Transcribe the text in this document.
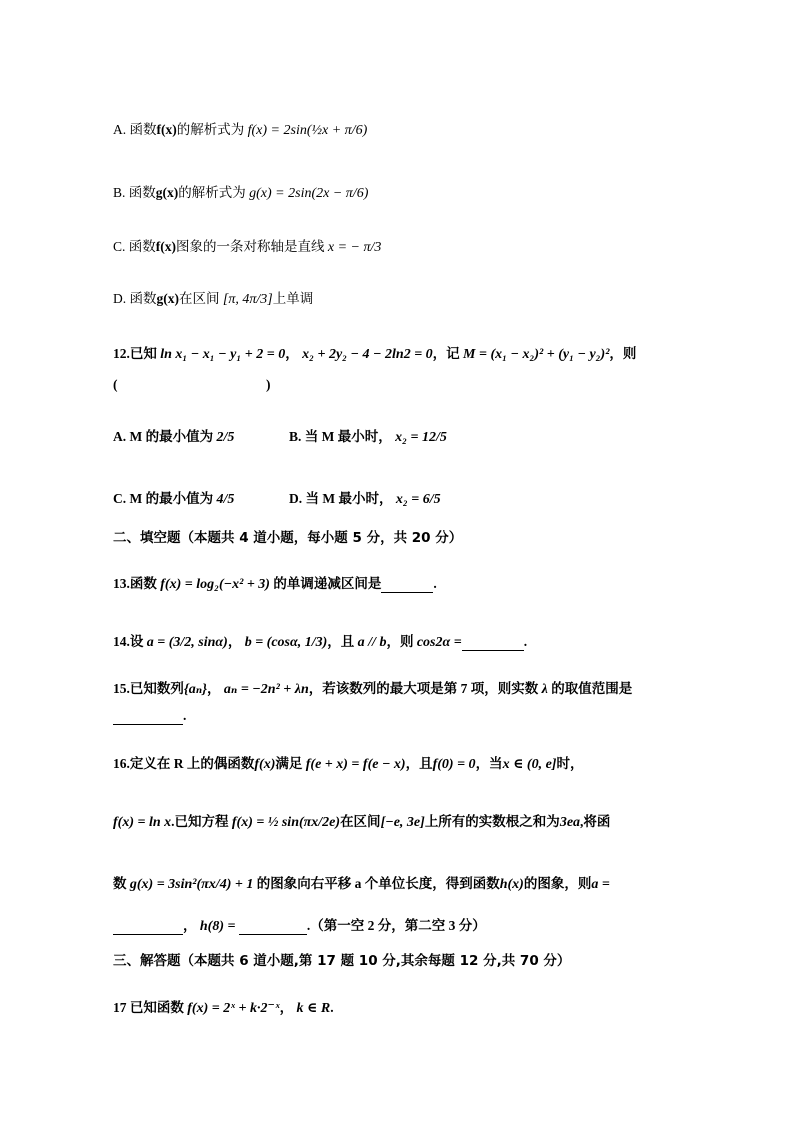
A. 函数f(x)的解析式为 f(x) = 2sin(½x + π/6)
B. 函数g(x)的解析式为 g(x) = 2sin(2x − π/6)
C. 函数f(x)图象的一条对称轴是直线 x = − π/3
D. 函数g(x)在区间 [π, 4π/3]上单调
12.已知 ln x₁ − x₁ − y₁ + 2 = 0， x₂ + 2y₂ − 4 − 2ln2 = 0，记 M = (x₁ − x₂)² + (y₁ − y₂)²，则
(　　　　　　　　　　　)
A. M 的最小值为 2/5	B. 当 M 最小时， x₂ = 12/5
C. M 的最小值为 4/5	D. 当 M 最小时， x₂ = 6/5
二、填空题（本题共 4 道小题，每小题 5 分，共 20 分）
13.函数 f(x) = log₂(−x² + 3) 的单调递减区间是	.
14.设 a = (3/2, sinα)， b = (cosα, 1/3)，且 a // b，则 cos2α =	.
15.已知数列{aₙ}， aₙ = −2n² + λn，若该数列的最大项是第 7 项，则实数 λ 的取值范围是
.
16.定义在 R 上的偶函数f(x)满足 f(e + x) = f(e − x)，且f(0) = 0，当x ∈ (0, e]时，
f(x) = ln x.已知方程 f(x) = ½ sin(πx/2e)在区间[−e, 3e]上所有的实数根之和为3ea,将函
数 g(x) = 3sin²(πx/4) + 1 的图象向右平移 a 个单位长度，得到函数h(x)的图象，则a =
， h(8) =	.（第一空 2 分，第二空 3 分）
三、解答题（本题共 6 道小题,第 17 题 10 分,其余每题 12 分,共 70 分）
17 已知函数 f(x) = 2ˣ + k·2⁻ˣ， k ∈ R.
